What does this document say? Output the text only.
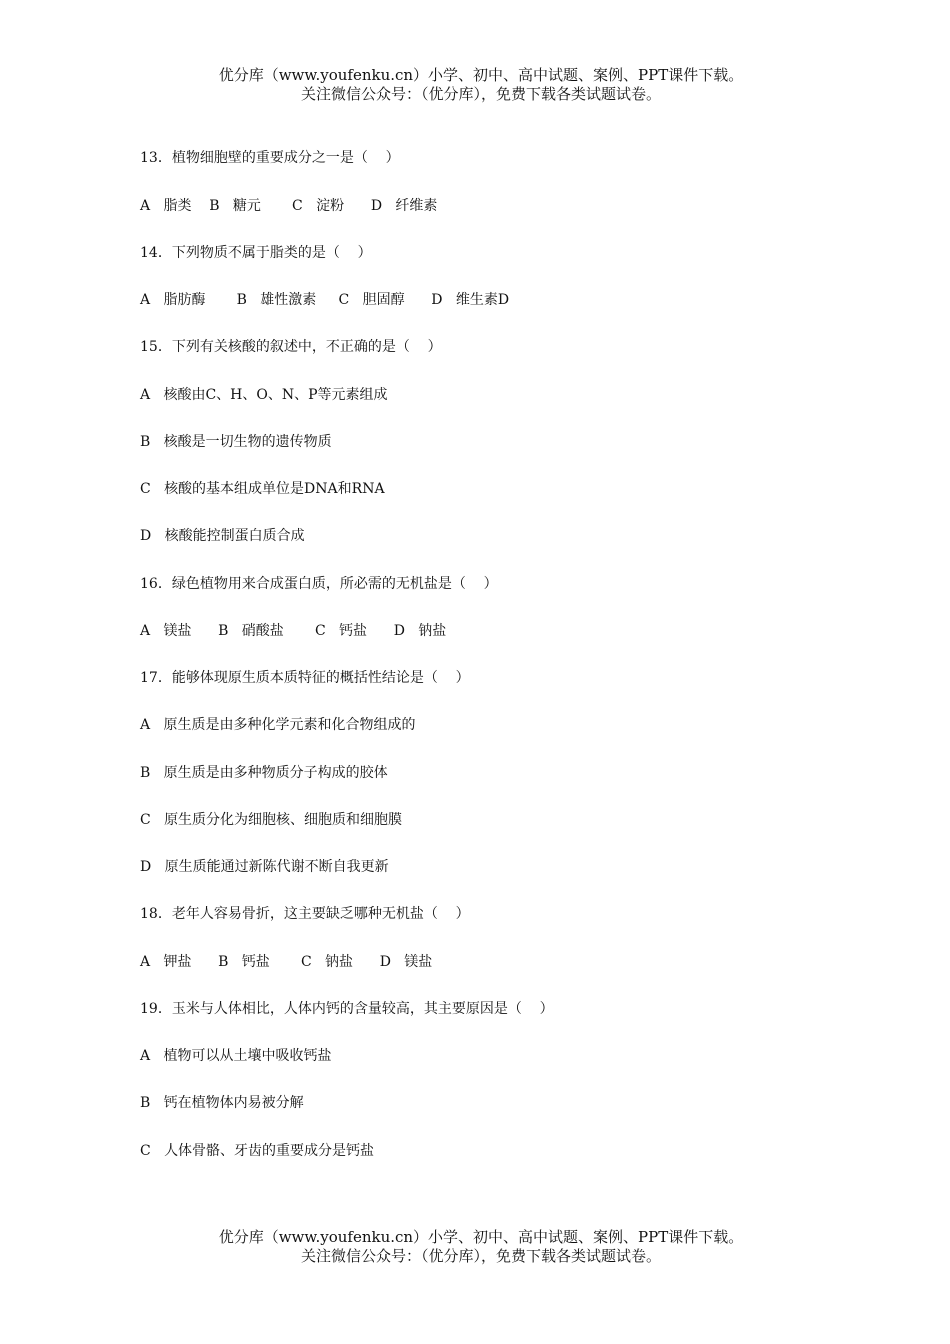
优分库（www.youfenku.cn）小学、初中、高中试题、案例、PPT课件下载。
关注微信公众号：（优分库），免费下载各类试题试卷。
13．植物细胞壁的重要成分之一是（    ）
A   脂类    B   糖元       C   淀粉      D   纤维素
14．下列物质不属于脂类的是（    ）
A   脂肪酶       B   雄性激素     C   胆固醇      D   维生素D
15．下列有关核酸的叙述中，不正确的是（    ）
A   核酸由C、H、O、N、P等元素组成
B   核酸是一切生物的遗传物质
C   核酸的基本组成单位是DNA和RNA
D   核酸能控制蛋白质合成
16．绿色植物用来合成蛋白质，所必需的无机盐是（    ）
A   镁盐      B   硝酸盐       C   钙盐      D   钠盐
17．能够体现原生质本质特征的概括性结论是（    ）
A   原生质是由多种化学元素和化合物组成的
B   原生质是由多种物质分子构成的胶体
C   原生质分化为细胞核、细胞质和细胞膜
D   原生质能通过新陈代谢不断自我更新
18．老年人容易骨折，这主要缺乏哪种无机盐（    ）
A   钾盐      B   钙盐       C   钠盐      D   镁盐
19．玉米与人体相比，人体内钙的含量较高，其主要原因是（    ）
A   植物可以从土壤中吸收钙盐
B   钙在植物体内易被分解
C   人体骨骼、牙齿的重要成分是钙盐
优分库（www.youfenku.cn）小学、初中、高中试题、案例、PPT课件下载。
关注微信公众号：（优分库），免费下载各类试题试卷。
